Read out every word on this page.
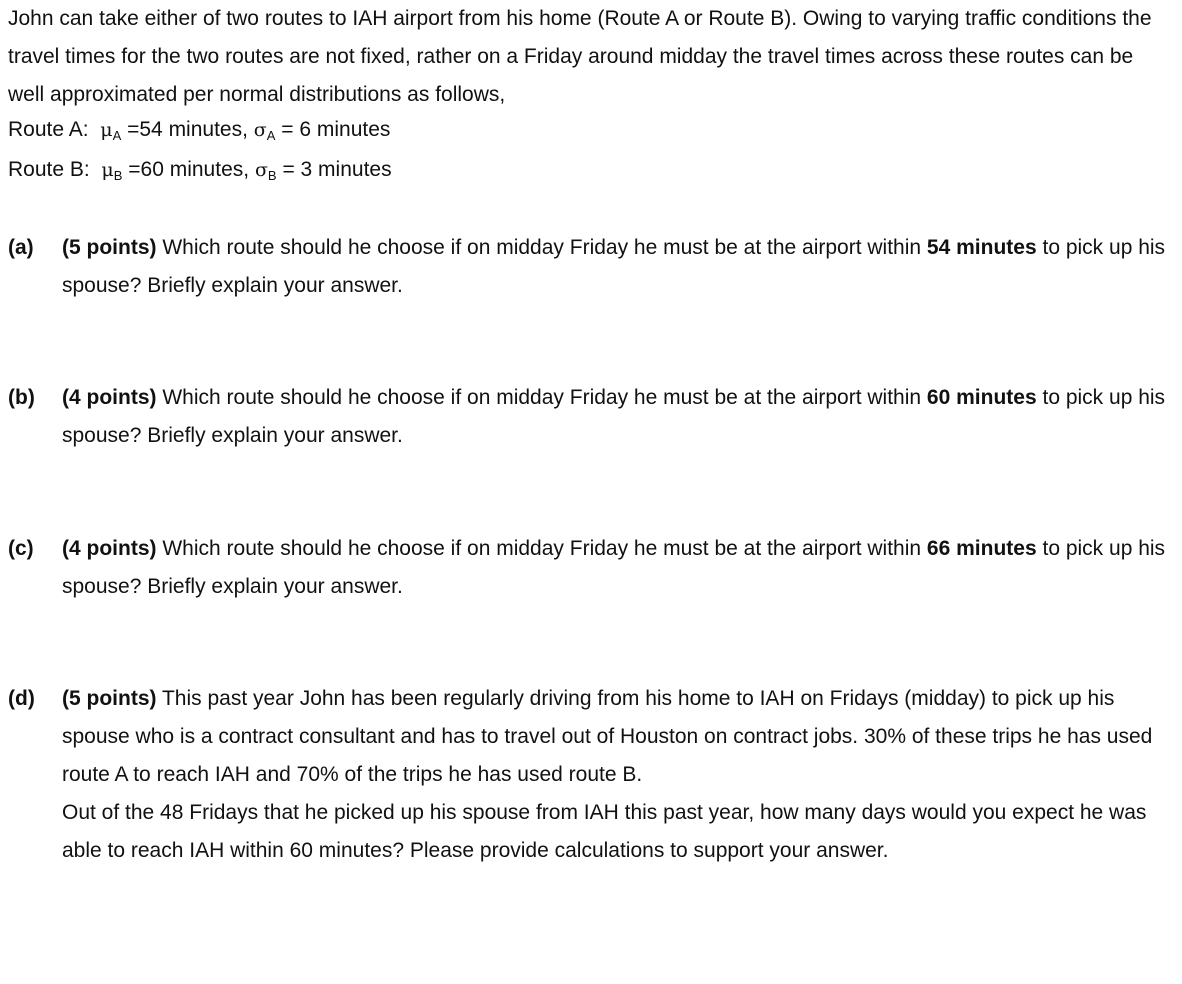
John can take either of two routes to IAH airport from his home (Route A or Route B). Owing to varying traffic conditions the travel times for the two routes are not fixed, rather on a Friday around midday the travel times across these routes can be well approximated per normal distributions as follows,
Route A: $\mu_A =54$ minutes, $\sigma_A = 6$ minutes
Route B: $\mu_B =60$ minutes, $\sigma_B = 3$ minutes
(a) (5 points) Which route should he choose if on midday Friday he must be at the airport within 54 minutes to pick up his spouse? Briefly explain your answer.
(b) (4 points) Which route should he choose if on midday Friday he must be at the airport within 60 minutes to pick up his spouse? Briefly explain your answer.
(c) (4 points) Which route should he choose if on midday Friday he must be at the airport within 66 minutes to pick up his spouse? Briefly explain your answer.
(d) (5 points) This past year John has been regularly driving from his home to IAH on Fridays (midday) to pick up his spouse who is a contract consultant and has to travel out of Houston on contract jobs. 30% of these trips he has used route A to reach IAH and 70% of the trips he has used route B.
Out of the 48 Fridays that he picked up his spouse from IAH this past year, how many days would you expect he was able to reach IAH within 60 minutes? Please provide calculations to support your answer.
